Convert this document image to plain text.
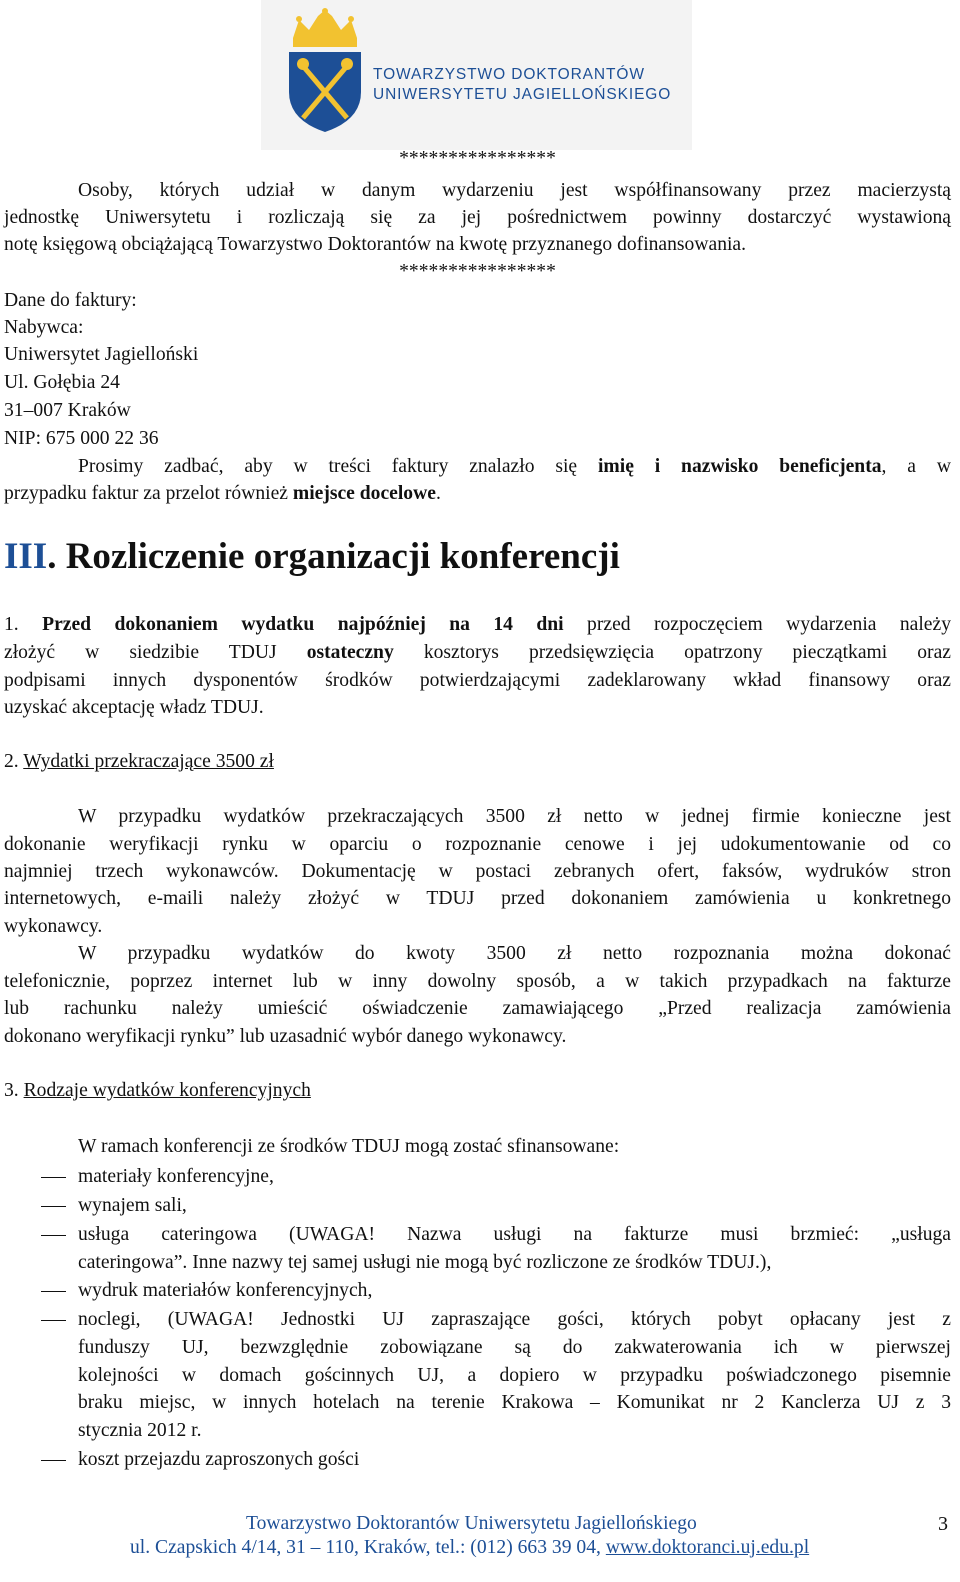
TOWARZYSTWO DOKTORANTÓW
UNIWERSYTETU JAGIELLOŃSKIEGO
****************
Osoby, których udział w danym wydarzeniu jest współfinansowany przez macierzystą
jednostkę Uniwersytetu i rozliczają się za jej pośrednictwem powinny dostarczyć wystawioną
notę księgową obciążającą Towarzystwo Doktorantów na kwotę przyznanego dofinansowania.
****************
Dane do faktury:
Nabywca:
Uniwersytet Jagielloński
Ul. Gołębia 24
31–007 Kraków
NIP: 675 000 22 36
Prosimy zadbać, aby w treści faktury znalazło się imię i nazwisko beneficjenta, a w
przypadku faktur za przelot również miejsce docelowe.
III. Rozliczenie organizacji konferencji
1. Przed dokonaniem wydatku najpóźniej na 14 dni przed rozpoczęciem wydarzenia należy
złożyć w siedzibie TDUJ ostateczny kosztorys przedsięwzięcia opatrzony pieczątkami oraz
podpisami innych dysponentów środków potwierdzającymi zadeklarowany wkład finansowy oraz
uzyskać akceptację władz TDUJ.
2. Wydatki przekraczające 3500 zł
W przypadku wydatków przekraczających 3500 zł netto w jednej firmie konieczne jest
dokonanie weryfikacji rynku w oparciu o rozpoznanie cenowe i jej udokumentowanie od co
najmniej trzech wykonawców. Dokumentację w postaci zebranych ofert, faksów, wydruków stron
internetowych, e-maili należy złożyć w TDUJ przed dokonaniem zamówienia u konkretnego
wykonawcy.
W przypadku wydatków do kwoty 3500 zł netto rozpoznania można dokonać
telefonicznie, poprzez internet lub w inny dowolny sposób, a w takich przypadkach na fakturze
lub rachunku należy umieścić oświadczenie zamawiającego „Przed realizacja zamówienia
dokonano weryfikacji rynku” lub uzasadnić wybór danego wykonawcy.
3. Rodzaje wydatków konferencyjnych
W ramach konferencji ze środków TDUJ mogą zostać sfinansowane:
materiały konferencyjne,
wynajem sali,
usługa cateringowa (UWAGA! Nazwa usługi na fakturze musi brzmieć: „usługa
cateringowa”. Inne nazwy tej samej usługi nie mogą być rozliczone ze środków TDUJ.),
wydruk materiałów konferencyjnych,
noclegi, (UWAGA! Jednostki UJ zapraszające gości, których pobyt opłacany jest z
funduszy UJ, bezwzględnie zobowiązane są do zakwaterowania ich w pierwszej
kolejności w domach gościnnych UJ, a dopiero w przypadku poświadczonego pisemnie
braku miejsc, w innych hotelach na terenie Krakowa – Komunikat nr 2 Kanclerza UJ z 3
stycznia 2012 r.
koszt przejazdu zaproszonych gości
Towarzystwo Doktorantów Uniwersytetu Jagiellońskiego
ul. Czapskich 4/14, 31 – 110, Kraków, tel.: (012) 663 39 04, www.doktoranci.uj.edu.pl
3
